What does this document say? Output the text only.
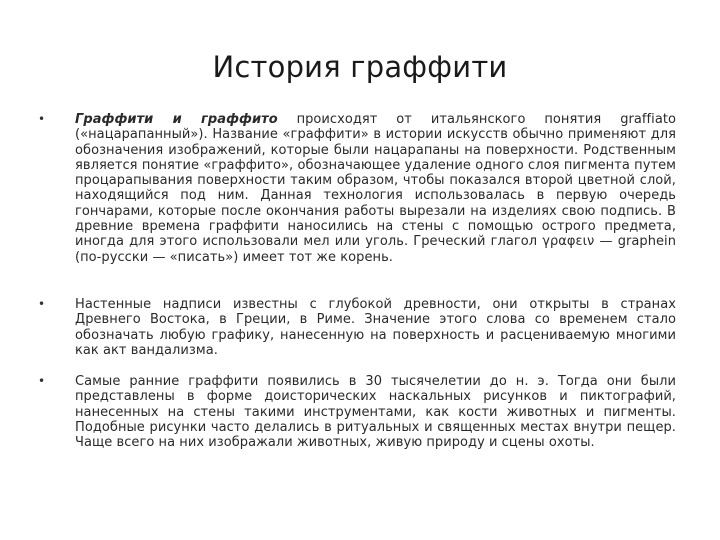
История граффити
• Граффити и граффито происходят от итальянского понятия graffiato («нацарапанный»). Название «граффити» в истории искусств обычно применяют для обозначения изображений, которые были нацарапаны на поверхности. Родственным является понятие «граффито», обозначающее удаление одного слоя пигмента путем процарапывания поверхности таким образом, чтобы показался второй цветной слой, находящийся под ним. Данная технология использовалась в первую очередь гончарами, которые после окончания работы вырезали на изделиях свою подпись. В древние времена граффити наносились на стены с помощью острого предмета, иногда для этого использовали мел или уголь. Греческий глагол γραφειν — graphein (по-русски — «писать») имеет тот же корень.
• Настенные надписи известны с глубокой древности, они открыты в странах Древнего Востока, в Греции, в Риме. Значение этого слова со временем стало обозначать любую графику, нанесенную на поверхность и расцениваемую многими как акт вандализма.
• Самые ранние граффити появились в 30 тысячелетии до н. э. Тогда они были представлены в форме доисторических наскальных рисунков и пиктографий, нанесенных на стены такими инструментами, как кости животных и пигменты. Подобные рисунки часто делались в ритуальных и священных местах внутри пещер. Чаще всего на них изображали животных, живую природу и сцены охоты.
